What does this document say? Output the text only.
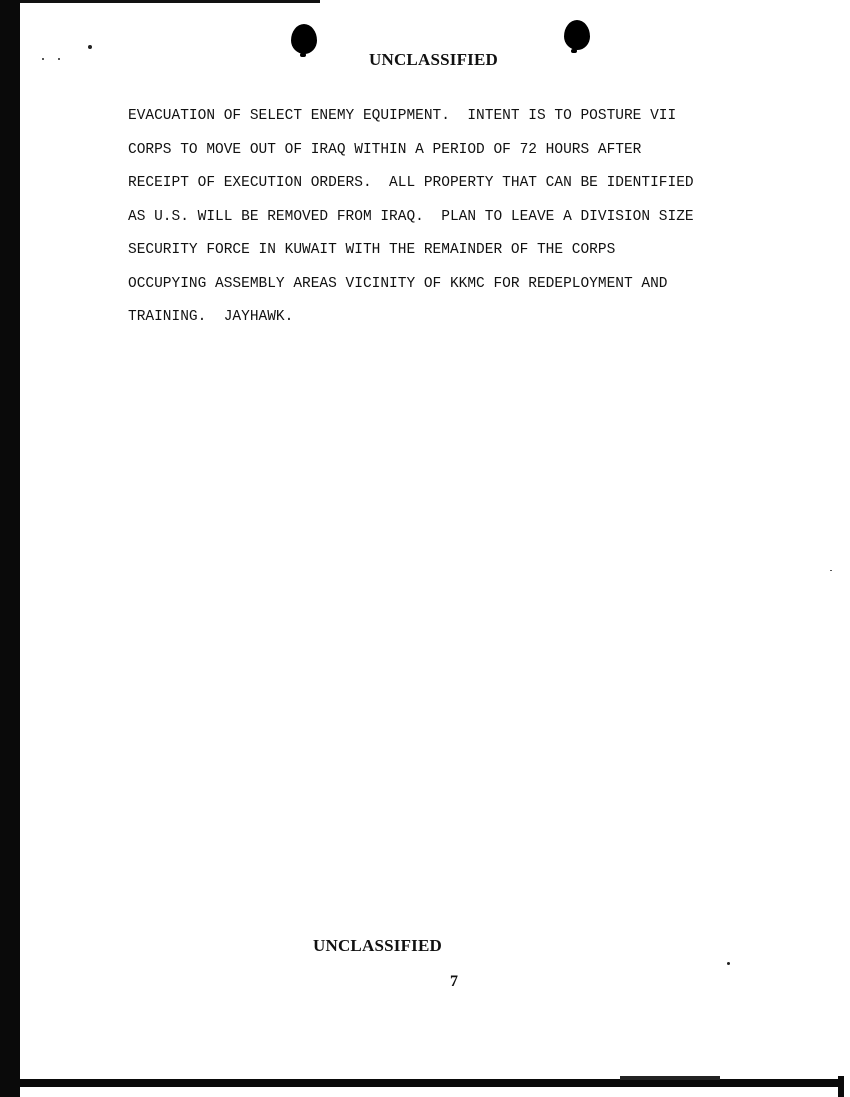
UNCLASSIFIED
EVACUATION OF SELECT ENEMY EQUIPMENT.  INTENT IS TO POSTURE VII
CORPS TO MOVE OUT OF IRAQ WITHIN A PERIOD OF 72 HOURS AFTER
RECEIPT OF EXECUTION ORDERS.  ALL PROPERTY THAT CAN BE IDENTIFIED
AS U.S. WILL BE REMOVED FROM IRAQ.  PLAN TO LEAVE A DIVISION SIZE
SECURITY FORCE IN KUWAIT WITH THE REMAINDER OF THE CORPS
OCCUPYING ASSEMBLY AREAS VICINITY OF KKMC FOR REDEPLOYMENT AND
TRAINING.  JAYHAWK.
UNCLASSIFIED
7
